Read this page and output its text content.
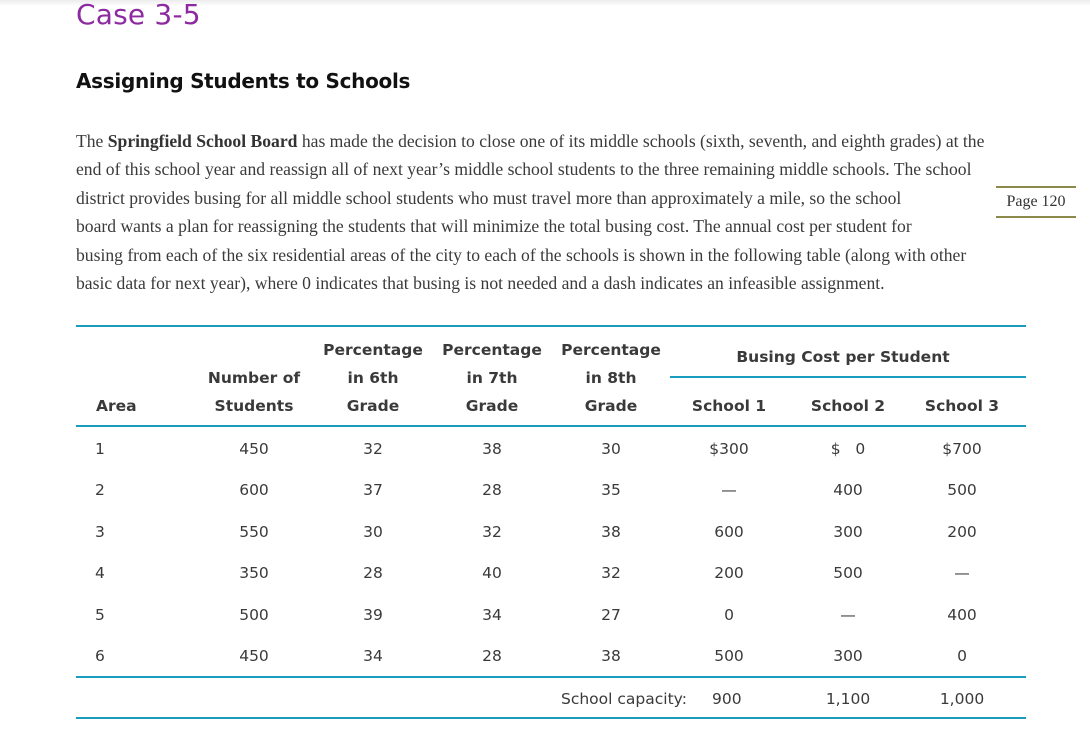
Case 3-5
Assigning Students to Schools
The Springfield School Board has made the decision to close one of its middle schools (sixth, seventh, and eighth grades) at the
end of this school year and reassign all of next year’s middle school students to the three remaining middle schools. The school
district provides busing for all middle school students who must travel more than approximately a mile, so the school
board wants a plan for reassigning the students that will minimize the total busing cost. The annual cost per student for
busing from each of the six residential areas of the city to each of the schools is shown in the following table (along with other
basic data for next year), where 0 indicates that busing is not needed and a dash indicates an infeasible assignment.
Page 120
Area
Number of
Students
Percentage
in 6th
Grade
Percentage
in 7th
Grade
Percentage
in 8th
Grade
Busing Cost per Student
School 1	School 2	School 3
1	450	32	38	30	$300	$   0	$700
2	600	37	28	35	—	400	500
3	550	30	32	38	600	300	200
4	350	28	40	32	200	500	—
5	500	39	34	27	0	—	400
6	450	34	28	38	500	300	0
School capacity: 900	1,100	1,000
